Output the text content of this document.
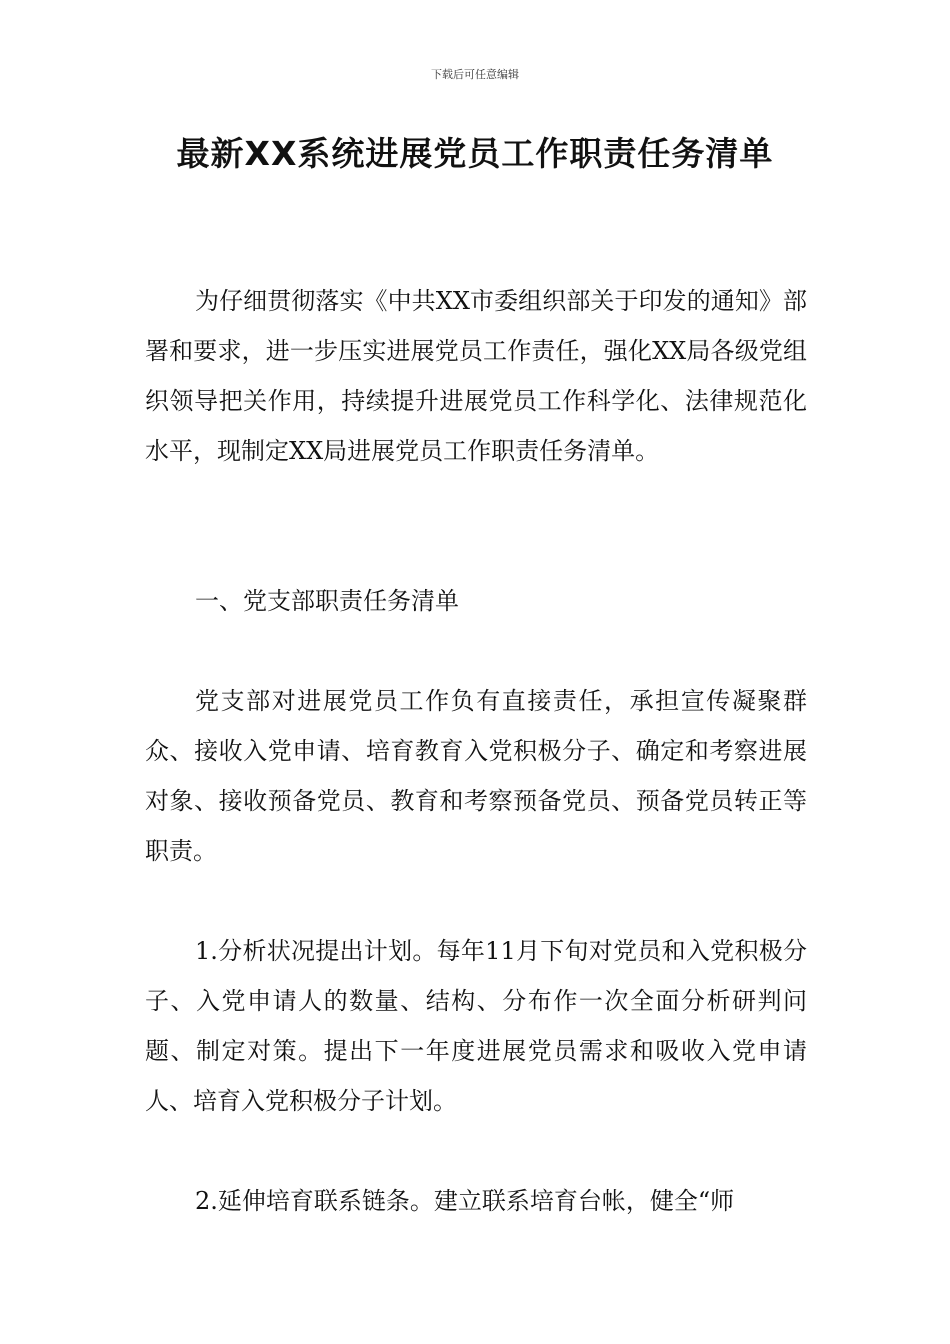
下载后可任意编辑
最新XX系统进展党员工作职责任务清单

为仔细贯彻落实《中共XX市委组织部关于印发的通知》部署和要求，进一步压实进展党员工作责任，强化XX局各级党组织领导把关作用，持续提升进展党员工作科学化、法律规范化水平，现制定XX局进展党员工作职责任务清单。

一、党支部职责任务清单

党支部对进展党员工作负有直接责任，承担宣传凝聚群众、接收入党申请、培育教育入党积极分子、确定和考察进展对象、接收预备党员、教育和考察预备党员、预备党员转正等职责。

1.分析状况提出计划。每年11月下旬对党员和入党积极分子、入党申请人的数量、结构、分布作一次全面分析研判问题、制定对策。提出下一年度进展党员需求和吸收入党申请人、培育入党积极分子计划。

2.延伸培育联系链条。建立联系培育台帐，健全“师
